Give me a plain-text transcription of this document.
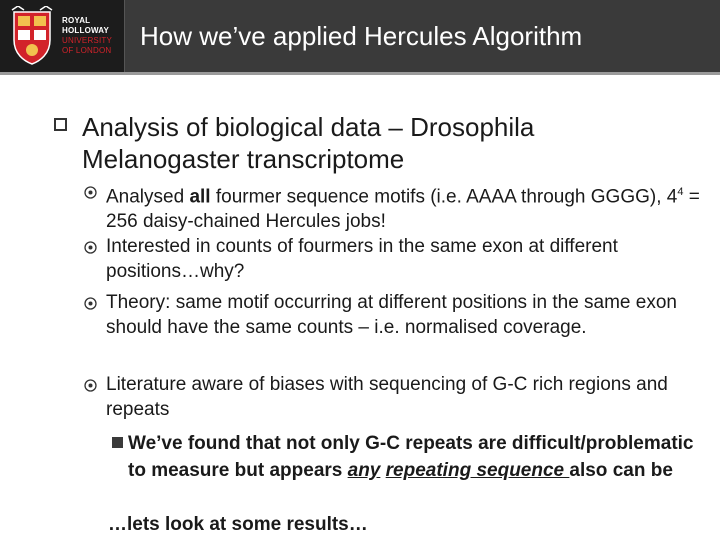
ROYAL
HOLLOWAY
UNIVERSITY
OF LONDON How we’ve applied Hercules Algorithm
Analysis of biological data – Drosophila Melanogaster transcriptome
Analysed all fourmer sequence motifs (i.e. AAAA through GGGG), $4^4 = 256$ daisy-chained Hercules jobs!
Interested in counts of fourmers in the same exon at different positions…why?
Theory: same motif occurring at different positions in the same exon should have the same counts – i.e. normalised coverage.
Literature aware of biases with sequencing of G-C rich regions and repeats
We’ve found that not only G-C repeats are difficult/problematic to measure but appears any repeating sequence also can be
…lets look at some results…
